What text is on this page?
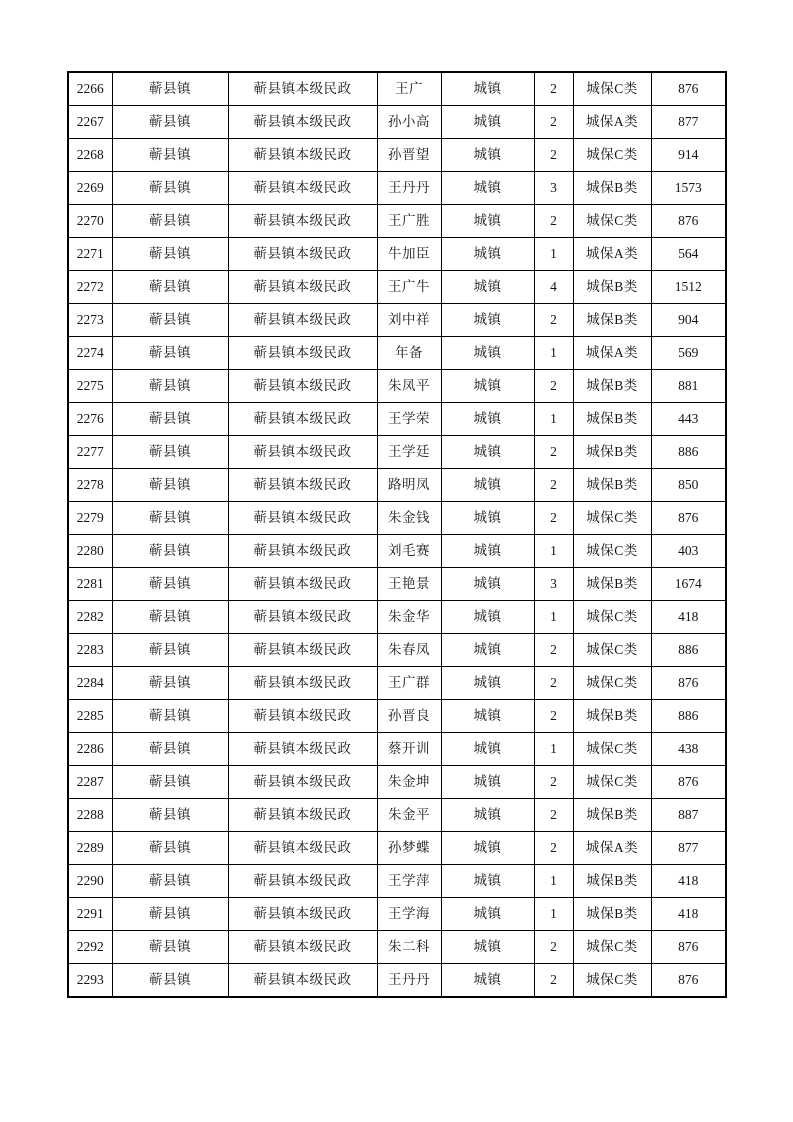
2266	蕲县镇	蕲县镇本级民政	王广	城镇	2	城保C类	876
2267	蕲县镇	蕲县镇本级民政	孙小高	城镇	2	城保A类	877
2268	蕲县镇	蕲县镇本级民政	孙晋望	城镇	2	城保C类	914
2269	蕲县镇	蕲县镇本级民政	王丹丹	城镇	3	城保B类	1573
2270	蕲县镇	蕲县镇本级民政	王广胜	城镇	2	城保C类	876
2271	蕲县镇	蕲县镇本级民政	牛加臣	城镇	1	城保A类	564
2272	蕲县镇	蕲县镇本级民政	王广牛	城镇	4	城保B类	1512
2273	蕲县镇	蕲县镇本级民政	刘中祥	城镇	2	城保B类	904
2274	蕲县镇	蕲县镇本级民政	年备	城镇	1	城保A类	569
2275	蕲县镇	蕲县镇本级民政	朱凤平	城镇	2	城保B类	881
2276	蕲县镇	蕲县镇本级民政	王学荣	城镇	1	城保B类	443
2277	蕲县镇	蕲县镇本级民政	王学廷	城镇	2	城保B类	886
2278	蕲县镇	蕲县镇本级民政	路明凤	城镇	2	城保B类	850
2279	蕲县镇	蕲县镇本级民政	朱金钱	城镇	2	城保C类	876
2280	蕲县镇	蕲县镇本级民政	刘毛赛	城镇	1	城保C类	403
2281	蕲县镇	蕲县镇本级民政	王艳景	城镇	3	城保B类	1674
2282	蕲县镇	蕲县镇本级民政	朱金华	城镇	1	城保C类	418
2283	蕲县镇	蕲县镇本级民政	朱春凤	城镇	2	城保C类	886
2284	蕲县镇	蕲县镇本级民政	王广群	城镇	2	城保C类	876
2285	蕲县镇	蕲县镇本级民政	孙晋良	城镇	2	城保B类	886
2286	蕲县镇	蕲县镇本级民政	蔡开训	城镇	1	城保C类	438
2287	蕲县镇	蕲县镇本级民政	朱金坤	城镇	2	城保C类	876
2288	蕲县镇	蕲县镇本级民政	朱金平	城镇	2	城保B类	887
2289	蕲县镇	蕲县镇本级民政	孙梦蝶	城镇	2	城保A类	877
2290	蕲县镇	蕲县镇本级民政	王学萍	城镇	1	城保B类	418
2291	蕲县镇	蕲县镇本级民政	王学海	城镇	1	城保B类	418
2292	蕲县镇	蕲县镇本级民政	朱二科	城镇	2	城保C类	876
2293	蕲县镇	蕲县镇本级民政	王丹丹	城镇	2	城保C类	876
